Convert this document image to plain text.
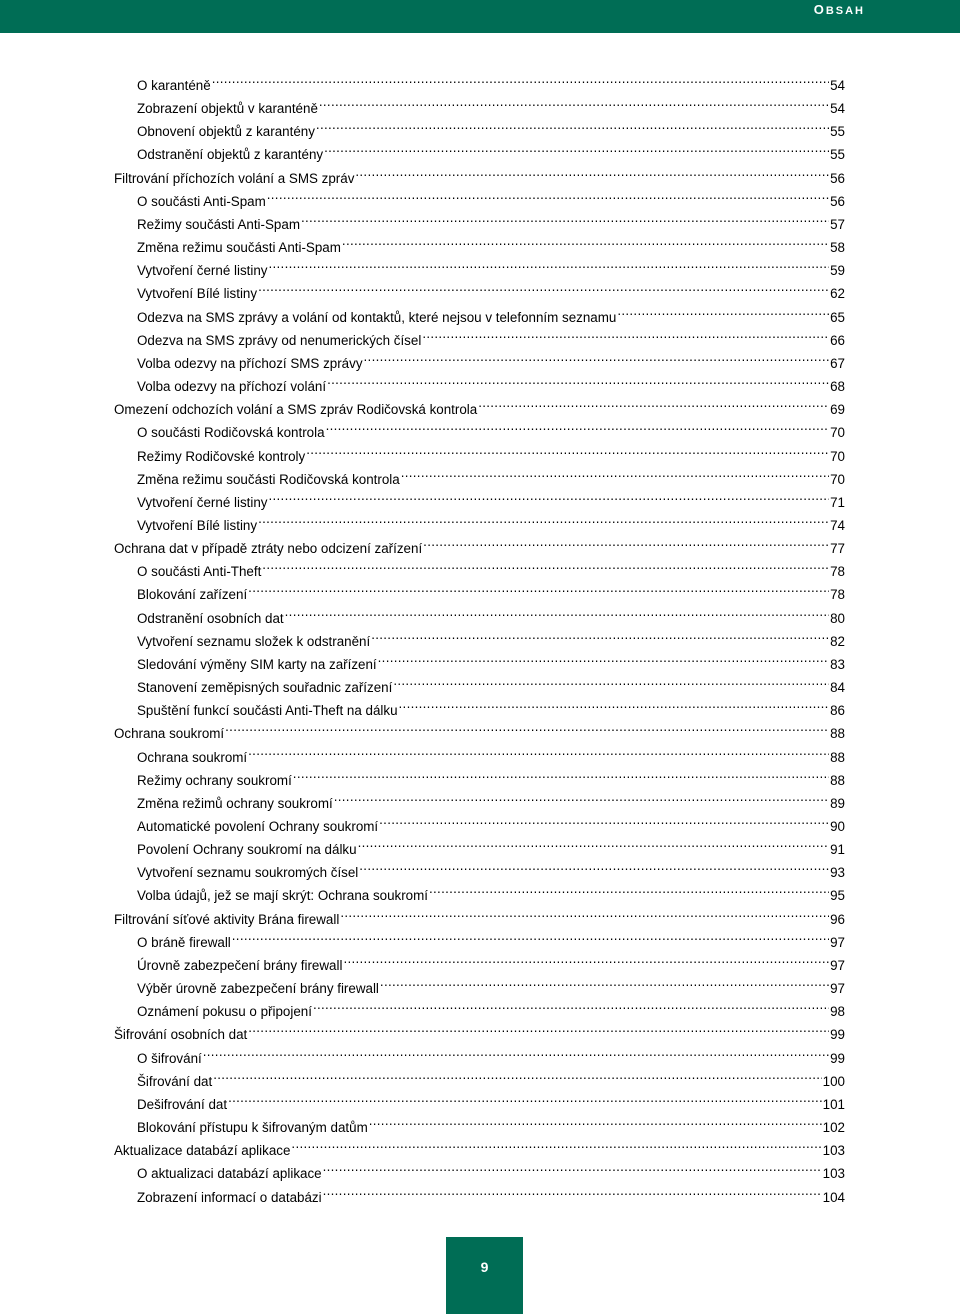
OBSAH
O karanténě .....	54
Zobrazení objektů v karanténě .....	54
Obnovení objektů z karantény .....	55
Odstranění objektů z karantény .....	55
Filtrování příchozích volání a SMS zpráv .....	56
O součásti Anti-Spam .....	56
Režimy součásti Anti-Spam .....	57
Změna režimu součásti Anti-Spam .....	58
Vytvoření černé listiny .....	59
Vytvoření Bílé listiny .....	62
Odezva na SMS zprávy a volání od kontaktů, které nejsou v telefonním seznamu .....	65
Odezva na SMS zprávy od nenumerických čísel .....	66
Volba odezvy na příchozí SMS zprávy .....	67
Volba odezvy na příchozí volání .....	68
Omezení odchozích volání a SMS zpráv Rodičovská kontrola .....	69
O součásti Rodičovská kontrola .....	70
Režimy Rodičovské kontroly .....	70
Změna režimu součásti Rodičovská kontrola .....	70
Vytvoření černé listiny .....	71
Vytvoření Bílé listiny .....	74
Ochrana dat v případě ztráty nebo odcizení zařízení .....	77
O součásti Anti-Theft .....	78
Blokování zařízení .....	78
Odstranění osobních dat .....	80
Vytvoření seznamu složek k odstranění .....	82
Sledování výměny SIM karty na zařízení .....	83
Stanovení zeměpisných souřadnic zařízení .....	84
Spuštění funkcí součásti Anti-Theft na dálku .....	86
Ochrana soukromí .....	88
Ochrana soukromí .....	88
Režimy ochrany soukromí .....	88
Změna režimů ochrany soukromí .....	89
Automatické povolení Ochrany soukromí .....	90
Povolení Ochrany soukromí na dálku .....	91
Vytvoření seznamu soukromých čísel .....	93
Volba údajů, jež se mají skrýt: Ochrana soukromí .....	95
Filtrování síťové aktivity Brána firewall .....	96
O bráně firewall .....	97
Úrovně zabezpečení brány firewall .....	97
Výběr úrovně zabezpečení brány firewall .....	97
Oznámení pokusu o připojení .....	98
Šifrování osobních dat .....	99
O šifrování .....	99
Šifrování dat .....	100
Dešifrování dat .....	101
Blokování přístupu k šifrovaným datům .....	102
Aktualizace databází aplikace .....	103
O aktualizaci databází aplikace .....	103
Zobrazení informací o databázi .....	104
9
